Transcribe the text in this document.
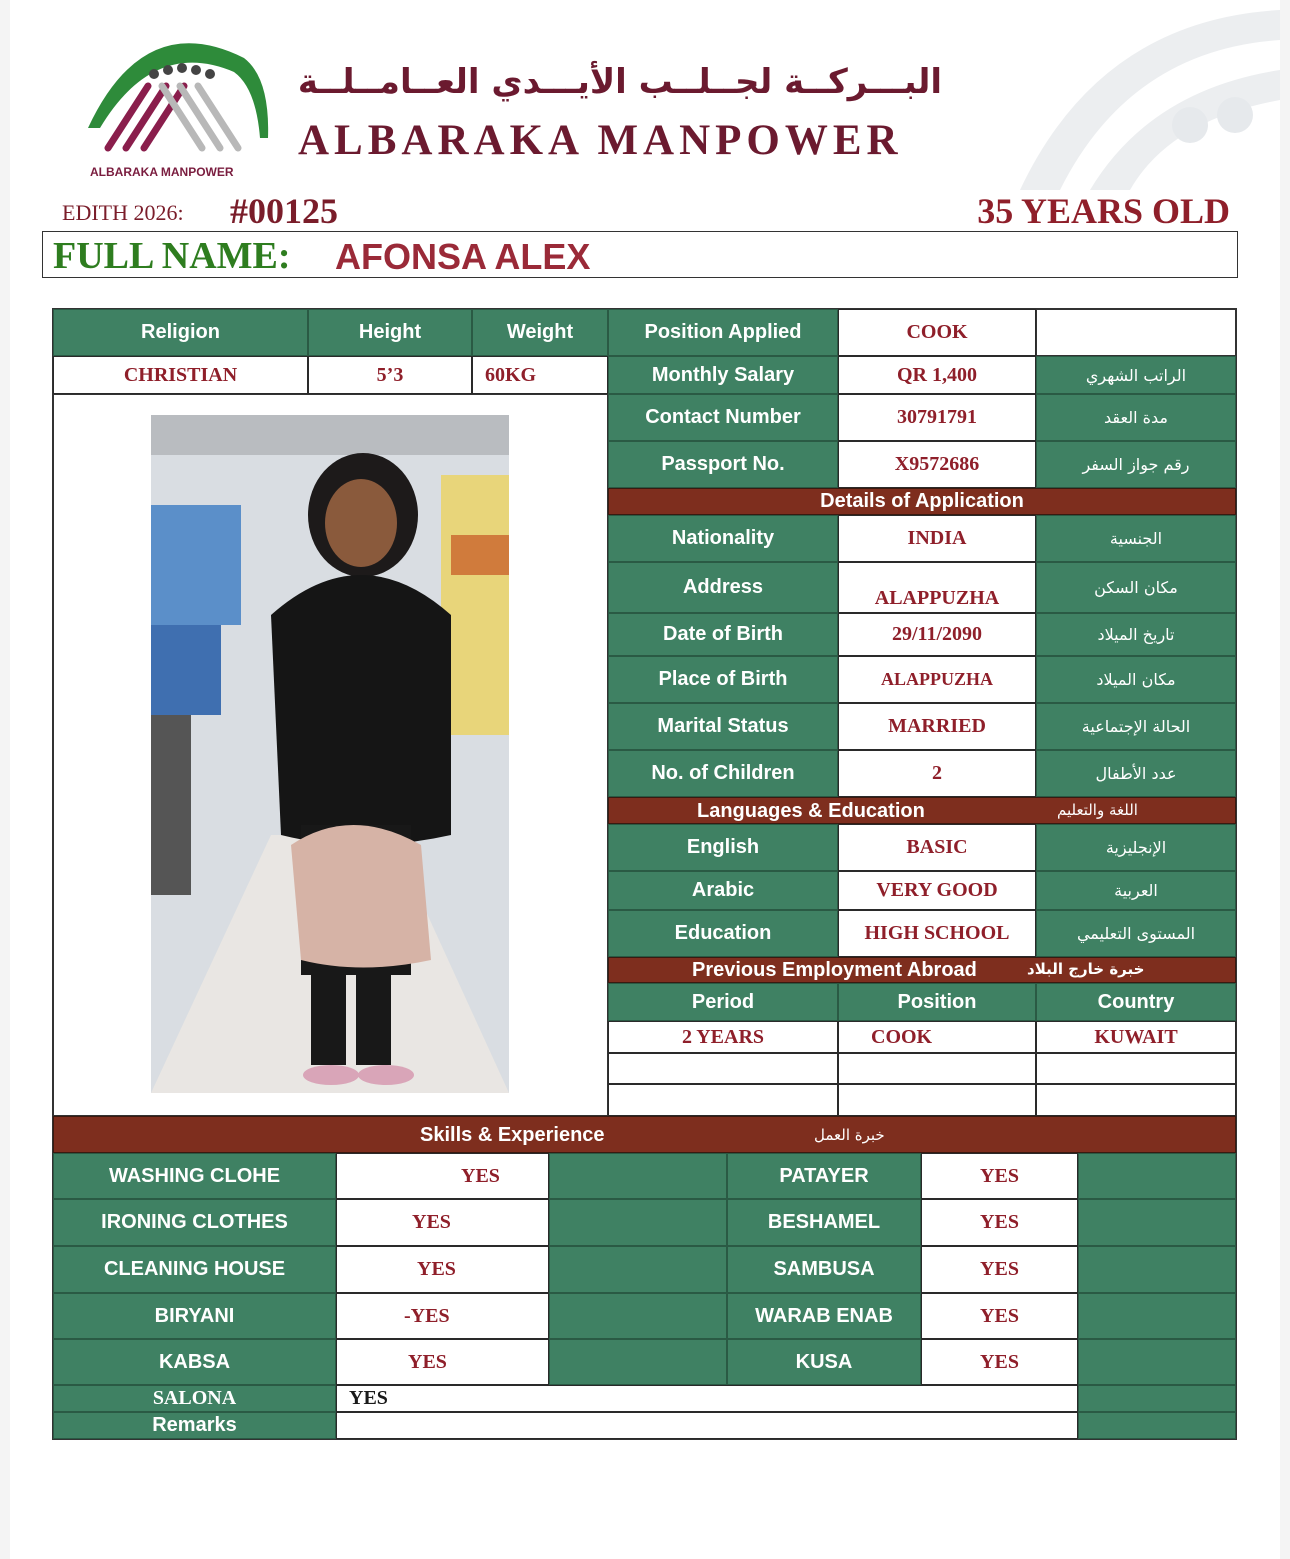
ALBARAKA MANPOWER
البـــركــة لجــلــب الأيـــدي العــامــلــة
ALBARAKA MANPOWER
EDITH 2026: #00125	35 YEARS OLD
FULL NAME: AFONSA ALEX
Religion	Height	Weight
CHRISTIAN	5’3	60KG
Position Applied	COOK
Monthly Salary	QR 1,400	الراتب الشهري
Contact Number	30791791	مدة العقد
Passport No.	X9572686	رقم جواز السفر
Details of Application
Nationality	INDIA	الجنسية
Address	ALAPPUZHA	مكان السكن
Date of Birth	29/11/2090	تاريخ الميلاد
Place of Birth	ALAPPUZHA	مكان الميلاد
Marital Status	MARRIED	الحالة الإجتماعية
No. of Children	2	عدد الأطفال
Languages & Education	اللغة والتعليم
English	BASIC	الإنجليزية
Arabic	VERY GOOD	العربية
Education	HIGH SCHOOL	المستوى التعليمي
Previous Employment Abroad	خبرة خارج البلاد
Period	Position	Country
2 YEARS	COOK	KUWAIT
Skills & Experience	خبرة العمل
WASHING CLOHE	YES	PATAYER	YES
IRONING CLOTHES	YES	BESHAMEL	YES
CLEANING HOUSE	YES	SAMBUSA	YES
BIRYANI	-YES	WARAB ENAB	YES
KABSA	YES	KUSA	YES
SALONA	YES
Remarks
